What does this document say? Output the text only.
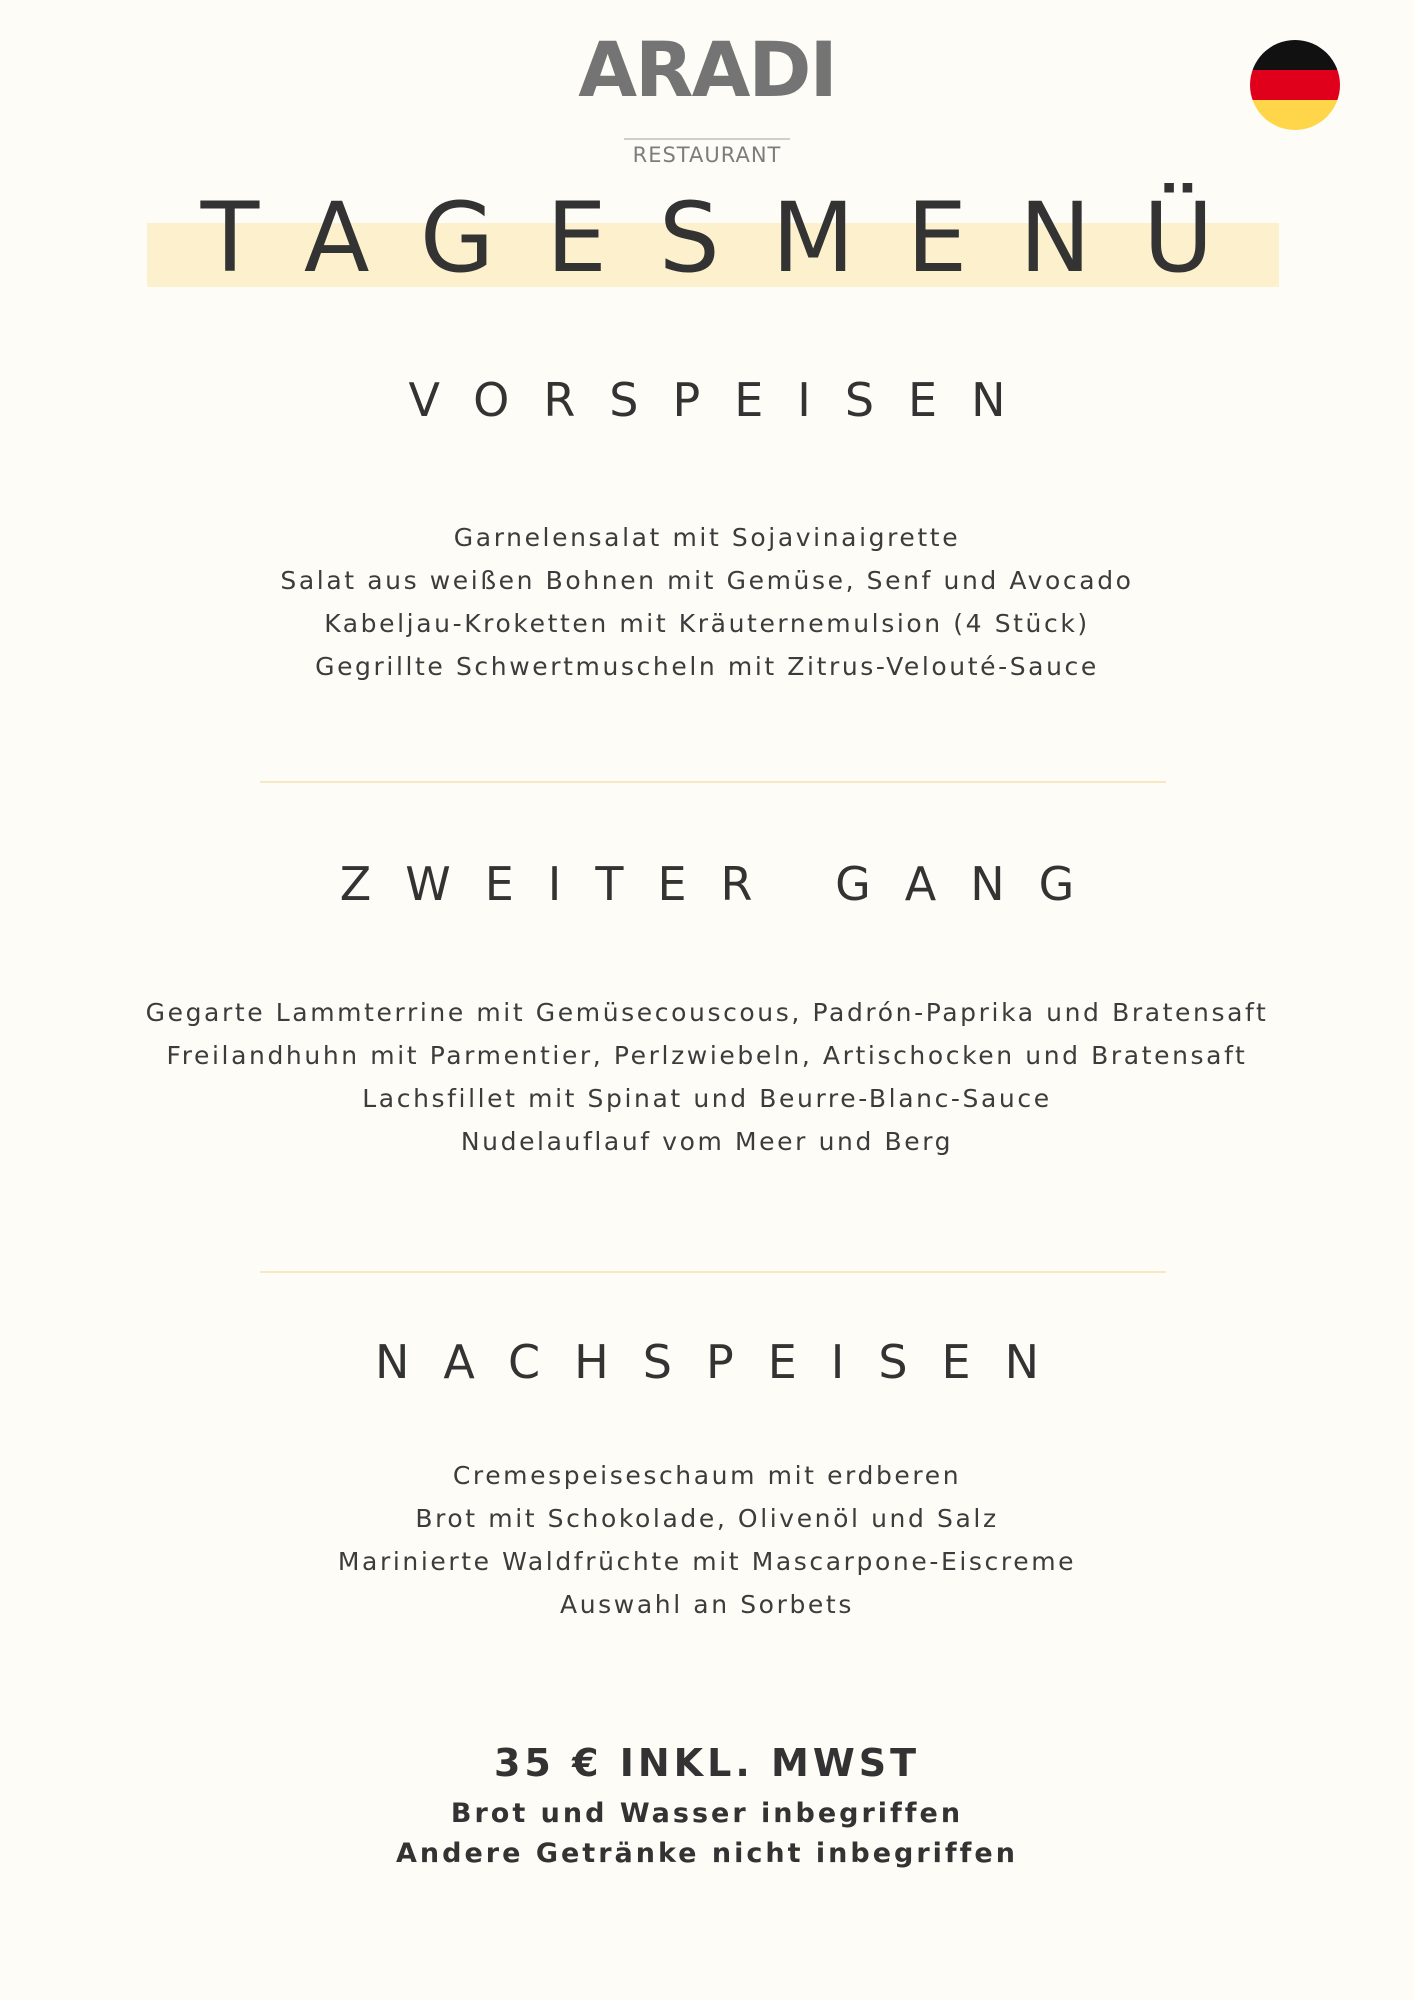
ARADI
RESTAURANT
TAGESMENÜ
VORSPEISEN
Garnelensalat mit Sojavinaigrette
Salat aus weißen Bohnen mit Gemüse, Senf und Avocado
Kabeljau-Kroketten mit Kräuternemulsion (4 Stück)
Gegrillte Schwertmuscheln mit Zitrus-Velouté-Sauce
ZWEITER GANG
Gegarte Lammterrine mit Gemüsecouscous, Padrón-Paprika und Bratensaft
Freilandhuhn mit Parmentier, Perlzwiebeln, Artischocken und Bratensaft
Lachsfillet mit Spinat und Beurre-Blanc-Sauce
Nudelauflauf vom Meer und Berg
NACHSPEISEN
Cremespeiseschaum mit erdberen
Brot mit Schokolade, Olivenöl und Salz
Marinierte Waldfrüchte mit Mascarpone-Eiscreme
Auswahl an Sorbets
35 € INKL. MWST
Brot und Wasser inbegriffen
Andere Getränke nicht inbegriffen
